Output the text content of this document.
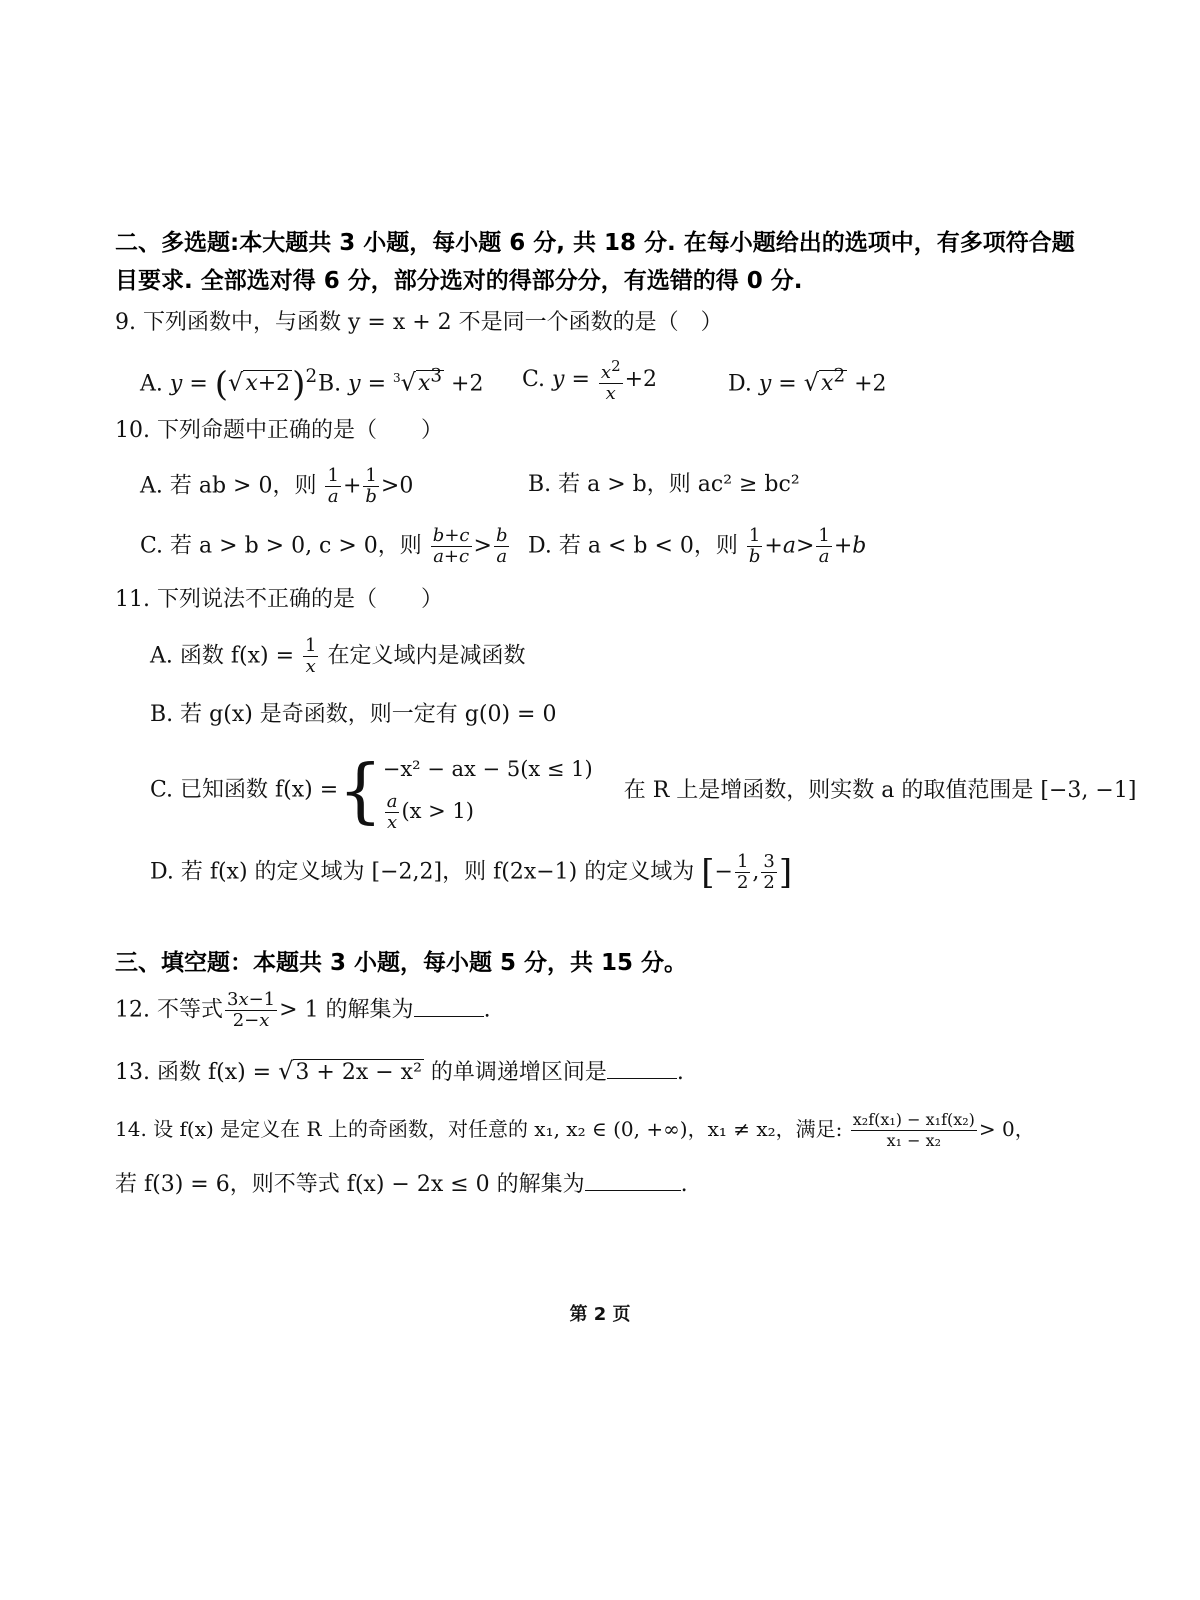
二、多选题:本大题共 3 小题，每小题 6 分, 共 18 分. 在每小题给出的选项中，有多项符合题
目要求. 全部选对得 6 分，部分选对的得部分分，有选错的得 0 分.
9. 下列函数中，与函数 y = x + 2 不是同一个函数的是（　）
A. $y = (√x+2)^2$ B. $y = ^3√x^3 +2$ C. $y = \frac{x^2}{x} +2$	D. $y = √x^2 +2$
10. 下列命题中正确的是（　　）
A. 若 ab > 0，则 $\frac{1}{a} + \frac{1}{b} >0$	B. 若 a > b，则 ac² ≥ bc²
C. 若 a > b > 0, c > 0，则 $\frac{b+c}{a+c} > \frac{b}{a} D$. 若 a < b < 0，则 $\frac{1}{b} +a> \frac{1}{a} +b$
11. 下列说法不正确的是（　　）
A. 函数 $f(x) = \frac{1}{x}$ 在定义域内是减函数
B. 若 g(x) 是奇函数，则一定有 g(0) = 0
C. 已知函数 f(x) ={ −x² − ax − 5(x ≤ 1)
$\frac{a}{x} (x > 1)$
在 R 上是增函数，则实数 a 的取值范围是 [−3, −1]
D. 若 f(x) 的定义域为 [−2,2]，则 f(2x−1) 的定义域为 [− $\frac{1}{2}$ , $\frac{3}{2}$ ]
三、填空题：本题共 3 小题，每小题 5 分，共 15 分。
12. 不等式 $\frac{3x-1}{2-x} > 1$ 的解集为	.
13. 函数 f(x) = √3 + 2x − x² 的单调递增区间是	.
14. 设 f(x) 是定义在 R 上的奇函数，对任意的 x₁, x₂ ∈ (0, +∞)，x₁ ≠ x₂，满足: $\frac{\text{x₂f(x₁) − x₁f(x₂)}}{\text{x₁ − x₂}} > 0$，
若 f(3) = 6，则不等式 f(x) − 2x ≤ 0 的解集为	.
第 2 页
